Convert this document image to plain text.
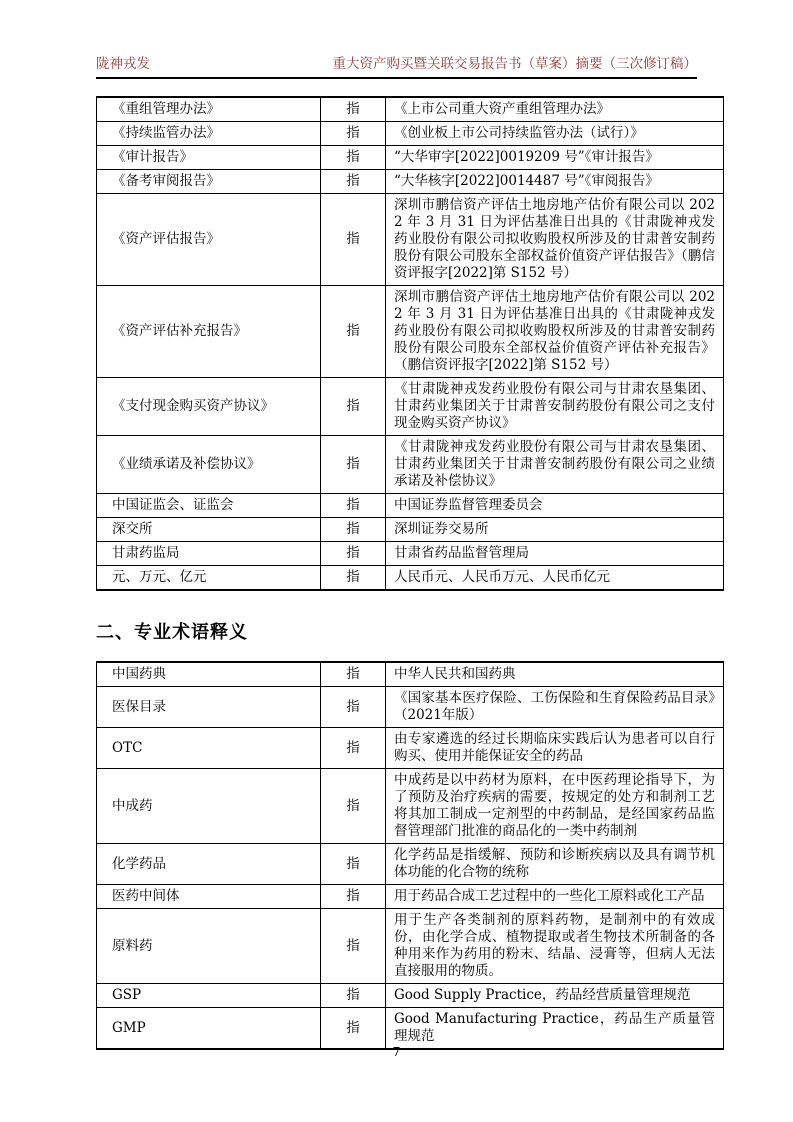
陇神戎发	重大资产购买暨关联交易报告书（草案）摘要（三次修订稿）
《重组管理办法》	指	《上市公司重大资产重组管理办法》
《持续监管办法》	指	《创业板上市公司持续监管办法（试行）》
《审计报告》	指	“大华审字[2022]0019209 号”《审计报告》
《备考审阅报告》	指	“大华核字[2022]0014487 号”《审阅报告》
《资产评估报告》	指	深圳市鹏信资产评估土地房地产估价有限公司以 2022 年 3 月 31 日为评估基准日出具的《甘肃陇神戎发药业股份有限公司拟收购股权所涉及的甘肃普安制药股份有限公司股东全部权益价值资产评估报告》（鹏信资评报字[2022]第 S152 号）
《资产评估补充报告》	指	深圳市鹏信资产评估土地房地产估价有限公司以 2022 年 3 月 31 日为评估基准日出具的《甘肃陇神戎发药业股份有限公司拟收购股权所涉及的甘肃普安制药股份有限公司股东全部权益价值资产评估补充报告》（鹏信资评报字[2022]第 S152 号）
《支付现金购买资产协议》	指	《甘肃陇神戎发药业股份有限公司与甘肃农垦集团、甘肃药业集团关于甘肃普安制药股份有限公司之支付现金购买资产协议》
《业绩承诺及补偿协议》	指	《甘肃陇神戎发药业股份有限公司与甘肃农垦集团、甘肃药业集团关于甘肃普安制药股份有限公司之业绩承诺及补偿协议》
中国证监会、证监会	指	中国证券监督管理委员会
深交所	指	深圳证券交易所
甘肃药监局	指	甘肃省药品监督管理局
元、万元、亿元	指	人民币元、人民币万元、人民币亿元
二、专业术语释义
中国药典	指	中华人民共和国药典
医保目录	指	《国家基本医疗保险、工伤保险和生育保险药品目录》（2021年版）
OTC	指	由专家遴选的经过长期临床实践后认为患者可以自行购买、使用并能保证安全的药品
中成药	指	中成药是以中药材为原料，在中医药理论指导下，为了预防及治疗疾病的需要，按规定的处方和制剂工艺将其加工制成一定剂型的中药制品，是经国家药品监督管理部门批准的商品化的一类中药制剂
化学药品	指	化学药品是指缓解、预防和诊断疾病以及具有调节机体功能的化合物的统称
医药中间体	指	用于药品合成工艺过程中的一些化工原料或化工产品
原料药	指	用于生产各类制剂的原料药物，是制剂中的有效成份，由化学合成、植物提取或者生物技术所制备的各种用来作为药用的粉末、结晶、浸膏等，但病人无法直接服用的物质。
GSP	指	Good Supply Practice，药品经营质量管理规范
GMP	指	Good Manufacturing Practice，药品生产质量管理规范
7
